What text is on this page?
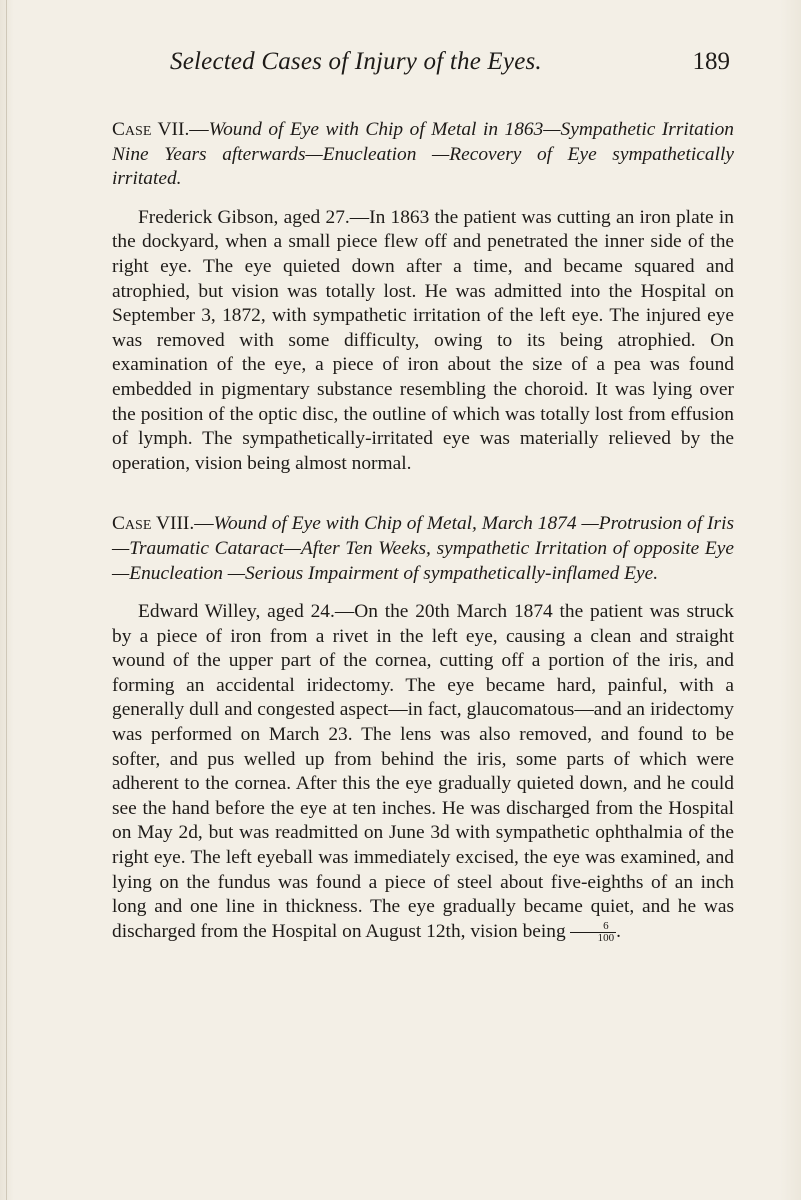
Selected Cases of Injury of the Eyes.	189

Case VII.—Wound of Eye with Chip of Metal in 1863—Sympathetic Irritation Nine Years afterwards—Enucleation —Recovery of Eye sympathetically irritated.

Frederick Gibson, aged 27.—In 1863 the patient was cutting an iron plate in the dockyard, when a small piece flew off and penetrated the inner side of the right eye. The eye quieted down after a time, and became squared and atrophied, but vision was totally lost. He was admitted into the Hospital on September 3, 1872, with sympathetic irritation of the left eye. The injured eye was removed with some difficulty, owing to its being atrophied. On examination of the eye, a piece of iron about the size of a pea was found embedded in pigmentary substance resembling the choroid. It was lying over the position of the optic disc, the outline of which was totally lost from effusion of lymph. The sympathetically-irritated eye was materially relieved by the operation, vision being almost normal.

Case VIII.—Wound of Eye with Chip of Metal, March 1874 —Protrusion of Iris—Traumatic Cataract—After Ten Weeks, sympathetic Irritation of opposite Eye—Enucleation —Serious Impairment of sympathetically-inflamed Eye.

Edward Willey, aged 24.—On the 20th March 1874 the patient was struck by a piece of iron from a rivet in the left eye, causing a clean and straight wound of the upper part of the cornea, cutting off a portion of the iris, and forming an accidental iridectomy. The eye became hard, painful, with a generally dull and congested aspect—in fact, glaucomatous—and an iridectomy was performed on March 23. The lens was also removed, and found to be softer, and pus welled up from behind the iris, some parts of which were adherent to the cornea. After this the eye gradually quieted down, and he could see the hand before the eye at ten inches. He was discharged from the Hospital on May 2d, but was readmitted on June 3d with sympathetic ophthalmia of the right eye. The left eyeball was immediately excised, the eye was examined, and lying on the fundus was found a piece of steel about five-eighths of an inch long and one line in thickness. The eye gradually became quiet, and he was discharged from the Hospital on August 12th, vision being $\frac{6}{100}$ .
